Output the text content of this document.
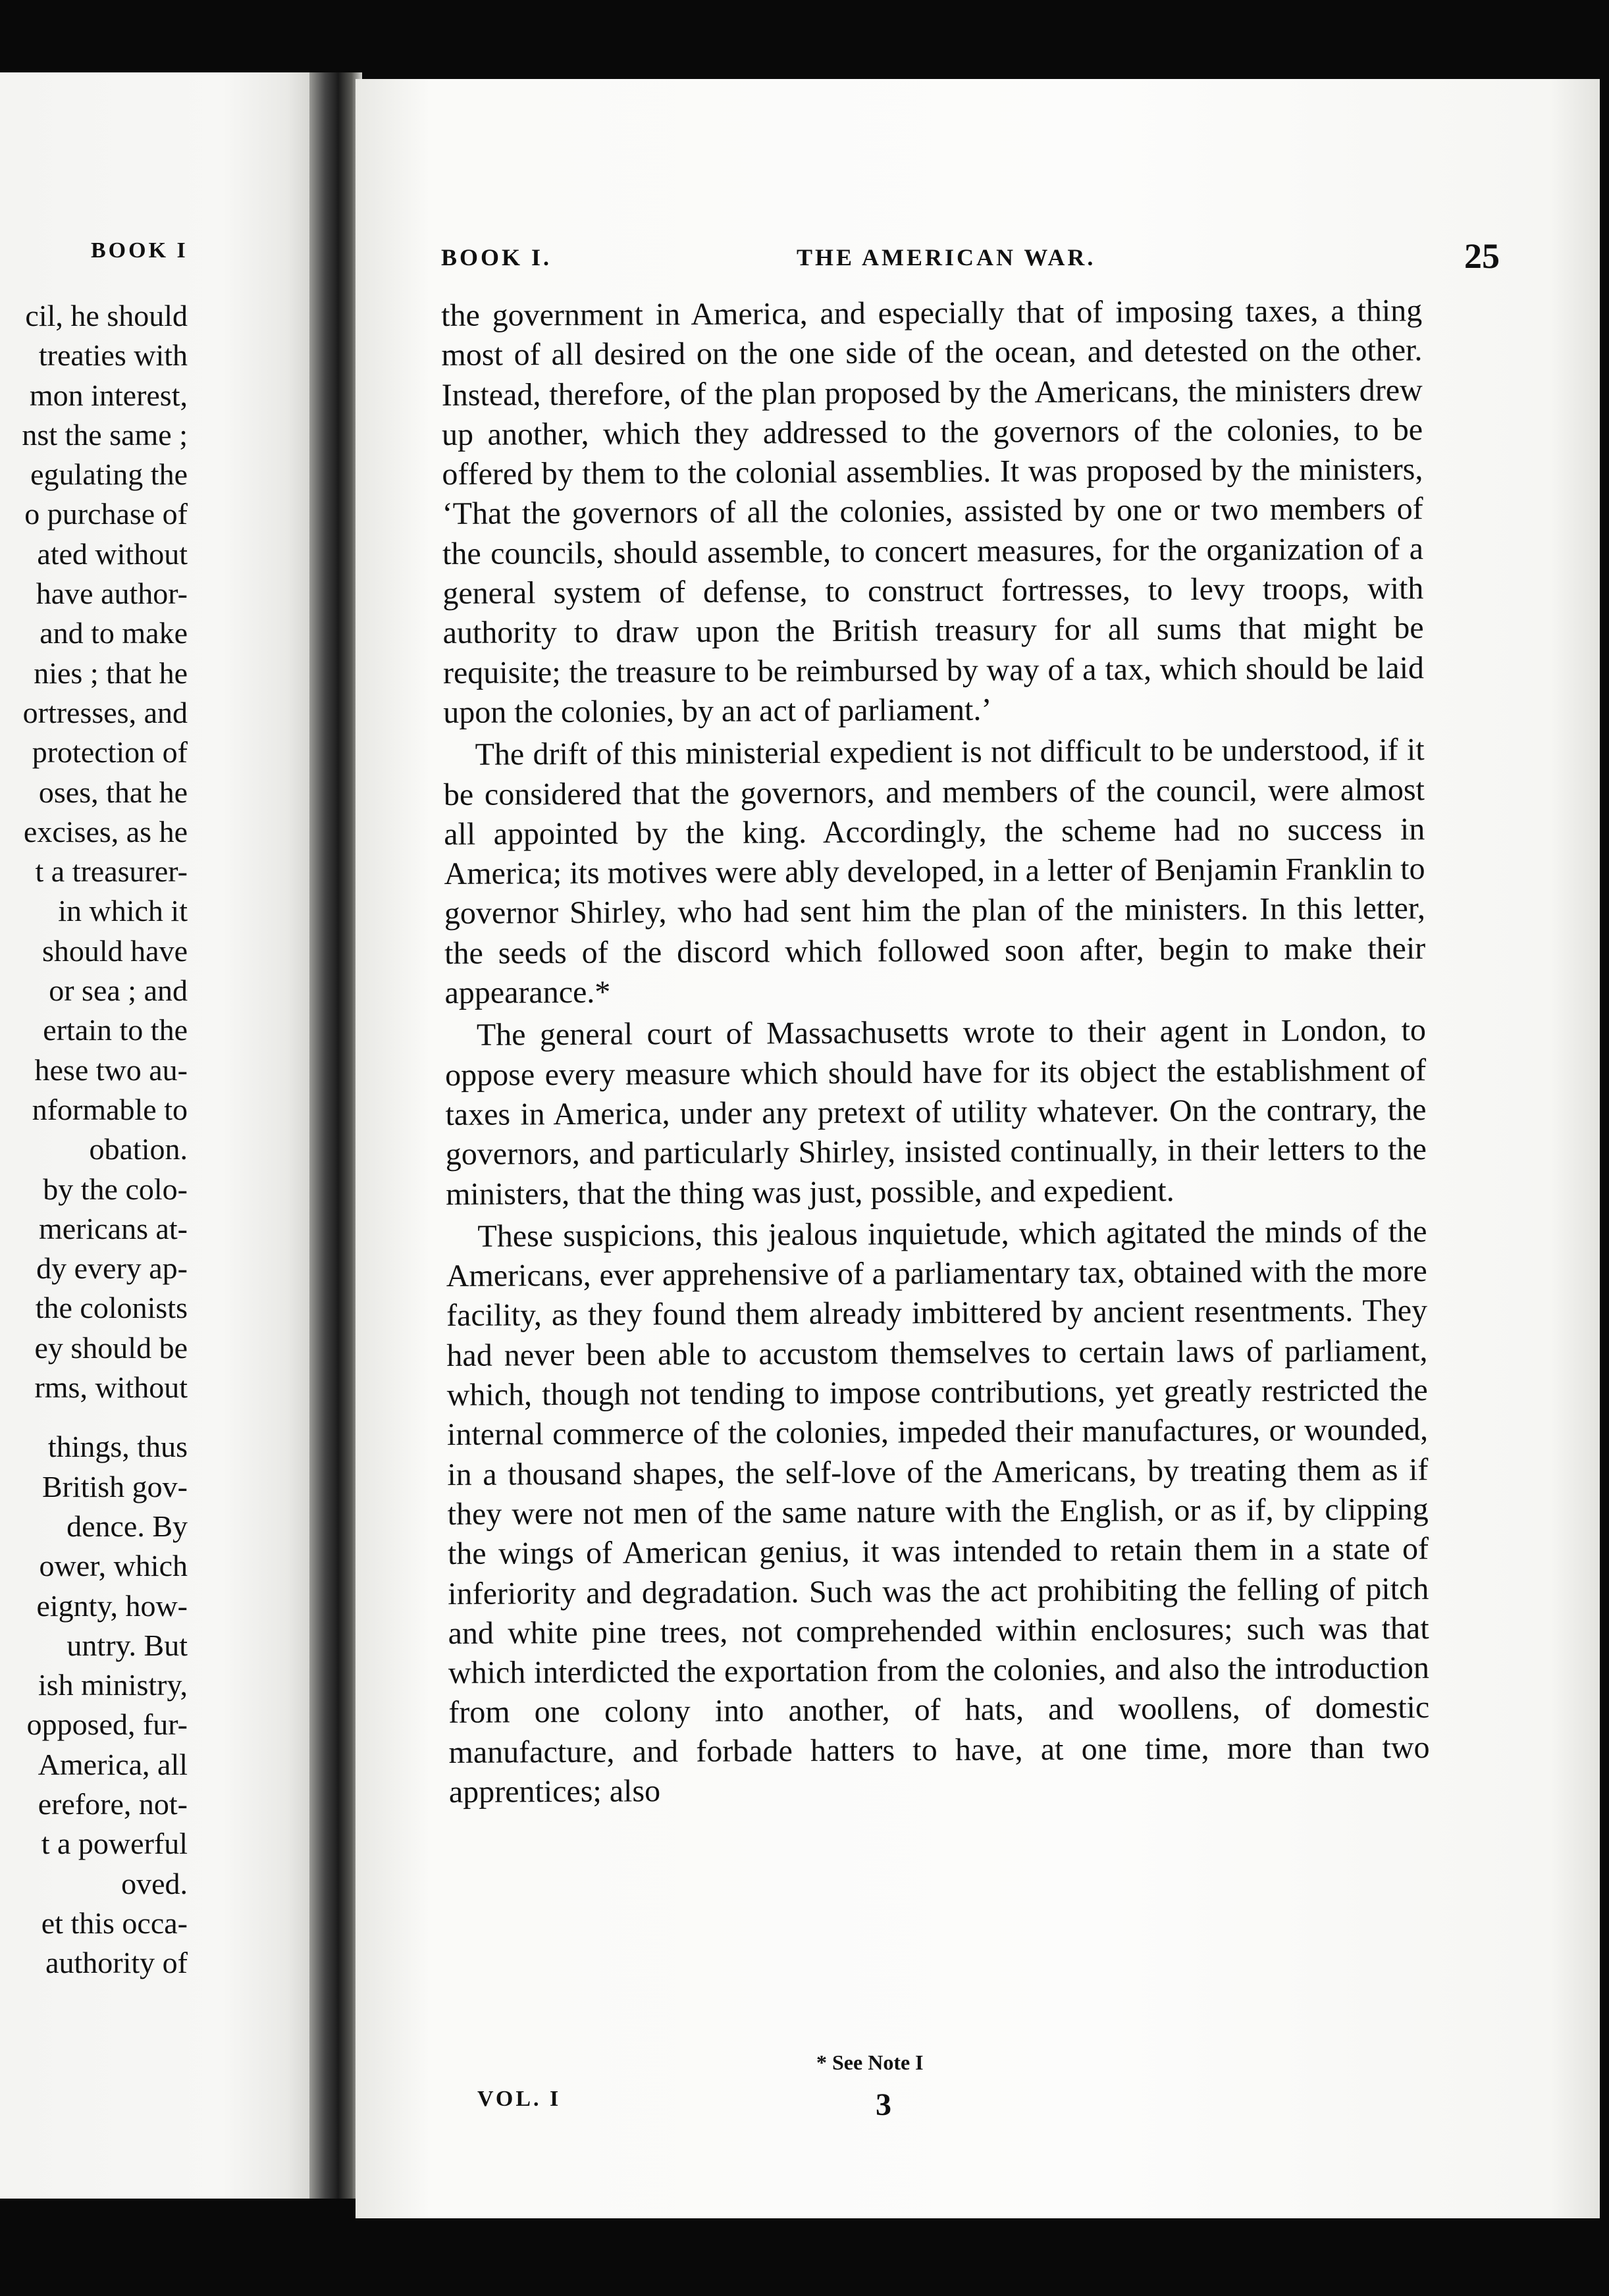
BOOK I
cil, he should
treaties with
mon interest,
nst the same ;
egulating the
o purchase of
ated without
have author-
and to make
nies ; that he
ortresses, and
protection of
oses, that he
excises, as he
t a treasurer-
in which it
should have
or sea ; and
ertain to the
hese two au-
nformable to
obation.
by the colo-
mericans at-
dy every ap-
the colonists
ey should be
rms, without
things, thus
British gov-
dence. By
ower, which
eignty, how-
untry. But
ish ministry,
opposed, fur-
America, all
erefore, not-
t a powerful
oved.
et this occa-
authority of
BOOK I.	THE AMERICAN WAR.	25

the government in America, and especially that of imposing taxes, a thing most of all desired on the one side of the ocean, and detested on the other. Instead, therefore, of the plan proposed by the Americans, the ministers drew up another, which they addressed to the governors of the colonies, to be offered by them to the colonial assemblies. It was proposed by the ministers, ‘That the governors of all the colonies, assisted by one or two members of the councils, should assemble, to concert measures, for the organization of a general system of defense, to construct fortresses, to levy troops, with authority to draw upon the British treasury for all sums that might be requisite; the treasure to be reimbursed by way of a tax, which should be laid upon the colonies, by an act of parliament.’

The drift of this ministerial expedient is not difficult to be understood, if it be considered that the governors, and members of the council, were almost all appointed by the king. Accordingly, the scheme had no success in America; its motives were ably developed, in a letter of Benjamin Franklin to governor Shirley, who had sent him the plan of the ministers. In this letter, the seeds of the discord which followed soon after, begin to make their appearance.*

The general court of Massachusetts wrote to their agent in London, to oppose every measure which should have for its object the establishment of taxes in America, under any pretext of utility whatever. On the contrary, the governors, and particularly Shirley, insisted continually, in their letters to the ministers, that the thing was just, possible, and expedient.

These suspicions, this jealous inquietude, which agitated the minds of the Americans, ever apprehensive of a parliamentary tax, obtained with the more facility, as they found them already imbittered by ancient resentments. They had never been able to accustom themselves to certain laws of parliament, which, though not tending to impose contributions, yet greatly restricted the internal commerce of the colonies, impeded their manufactures, or wounded, in a thousand shapes, the self-love of the Americans, by treating them as if they were not men of the same nature with the English, or as if, by clipping the wings of American genius, it was intended to retain them in a state of inferiority and degradation. Such was the act prohibiting the felling of pitch and white pine trees, not comprehended within enclosures; such was that which interdicted the exportation from the colonies, and also the introduction from one colony into another, of hats, and woollens, of domestic manufacture, and forbade hatters to have, at one time, more than two apprentices; also

* See Note I
VOL. I	3
